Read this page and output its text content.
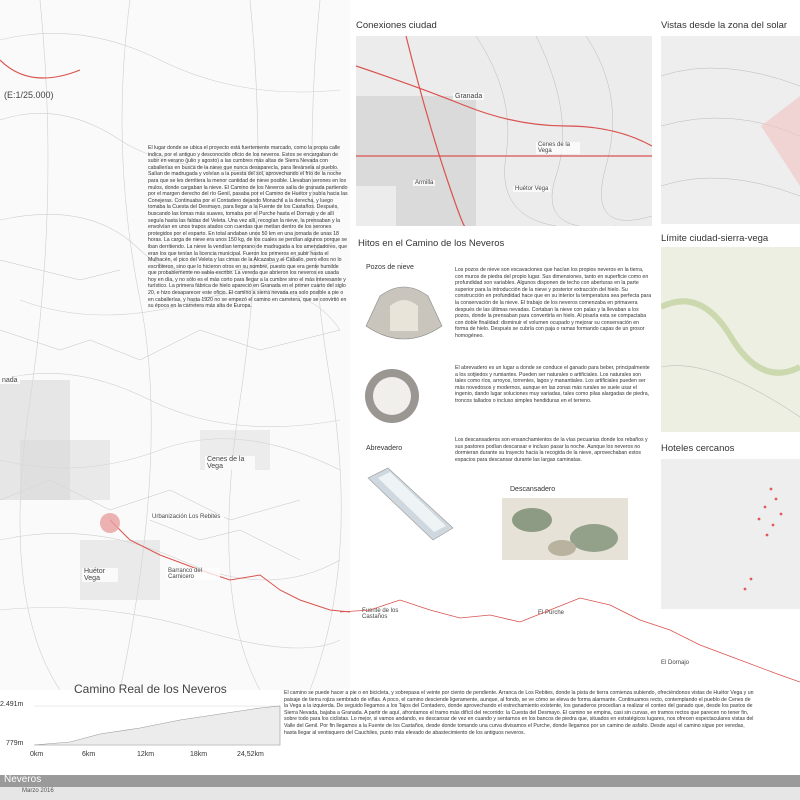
(E:1/25.000)
El lugar donde se ubica el proyecto está fuertemente marcado, como la propia calle indica, por el antiguo y desconocido oficio de los neveros. Estos se encargaban de subir en verano (julio y agosto) a las cumbres más altas de Sierra Nevada con caballerías en busca de la nieve que nunca desaparecía, para llevársela al pueblo. Salían de madrugada y volvían a la puesta del sol, aprovechando el frío de la noche para que se les derritiera la menor cantidad de nieve posible. Llevaban serones en los mulos, donde cargaban la nieve. El Camino de los Neveros salía de granada partiendo por el margen derecho del río Genil, pasaba por el Camino de Huétor y subía hacia las Conejeras. Continuaba por el Contadero dejando Monachil a la derecha, y luego tomaba la Cuesta del Desmayo, para llegar a la Fuente de los Castaños. Después, buscando las lomas más suaves, tomaba por el Purche hasta el Dornajo y de allí seguía hasta las faldas del Veleta. Una vez allí, recogían la nieve, la prensaban y la envolvían en unos trapos atados con cuerdas que metían dentro de los serones protegidos por el esparto. En total andaban unos 50 km en una jornada de unas 18 horas. La carga de nieve era unos 150 kg, de los cuales se perdían algunos porque se iban derritiendo. La nieve la vendían temprano de madrugada a los amendadores, que eran los que tenían la licencia municipal. Fueron los primeros en subir hasta el Mulhacén, el pico del Veleta y las cimas de la Alcazaba y el Caballo, pero ellos no lo escribieron, sino que lo hicieron otros en su nombre, puesto que era gente humilde que probablemente no sabía escribir. La vereda que abrieron los neveros es usada hoy en día, y no sólo es el más corto para llegar a la cumbre sino el más interesante y turístico. La primera fábrica de hielo apareció en Granada en el primer cuarto del siglo 20, e hizo desaparecer este oficio. El camino a sierra nevada era solo posible a pie o en caballerías, y hasta 1920 no se empezó el camino en carretera, que se convirtió en su época en la carretera más alta de Europa.
nada
Cenes de la Vega
Urbanización Los Rebites
Huétor Vega
Barranco del Carnicero
Fuente de los Castaños
El Purche
El Dornajo
Conexiones ciudad
Granada
Cenes de la Vega
Armilla
Huétor Vega
Hitos en el Camino de los Neveros
Pozos de nieve
Abrevadero
Descansadero
Los pozos de nieve son excavaciones que hacían los propios neveros en la tierra, con muros de piedra del propio lugar. Sus dimensiones, tanto en superficie como en profundidad son variables. Algunos disponen de techo con aberturas en la parte superior para la introducción de la nieve y posterior extracción del hielo. Su construcción en profundidad hace que en su interior la temperatura sea perfecta para la conservación de la nieve. El trabajo de los neveros comenzaba en primavera después de las últimas nevadas. Cortaban la nieve con palas y la llevaban a los pozos, donde la prensaban para convertirla en hielo. Al pisarla esta se compactaba con doble finalidad: disminuir el volumen ocupado y mejorar su conservación en forma de hielo. Después se cubría con paja o ramas formando capas de un grosor homogéneo.
El abrevadero es un lugar a donde se conduce el ganado para beber, principalmente a los sotjiedos y rumiantes. Pueden ser naturales o artificiales. Los naturales son tales como ríos, arroyos, torrentes, lagos y manantiales. Los artificiales pueden ser más novedosos y modernos, aunque en las zonas más rurales se suele usar el ingenio, dando lugar soluciones muy variadas, tales como pilas alargadas de piedra, troncos tallados o incluso simples hendiduras en el terreno.
Los descansaderos son ensanchamientos de la vías pecuarias donde los rebaños y sus pastores podían descansar e incluso pasar la noche. Aunque los neveros no dormieran durante su trayecto hacia la recogida de la nieve, aprovechaban estos espacios para descansar durante las largas caminatas.
Vistas desde la zona del solar
Límite ciudad-sierra-vega
Hoteles cercanos
Camino Real de los Neveros
2.491m
779m
0km	6km	12km	18km	24,52km
El camino se puede hacer a pie o en bicicleta, y sobrepasa el veinte por ciento de pendiente. Arranca de Los Rebites, donde la pista de tierra comienza subiendo, ofreciéndonos vistas de Huétor Vega y un paisaje de tierra rojiza sembrado de viñas. A poco, el camino desciende ligeramente, aunque, al fondo, se ve cómo se eleva de forma alarmante. Continuamos recto, contemplando el pueblo de Cenes de la Vega a la izquierda. De seguido llegamos a los Tajos del Contadero, donde aprovechando el estrechamiento existente, los ganaderos procedían a realizar el conteo del ganado que, desde los pastos de Sierra Nevada, bajaba a Granada. A partir de aquí, afrontamos el tramo más difícil del recorrido: la Cuesta del Desmayo. El camino se empina, casi sin curvas, en tramos rectos que parecen no tener fin, sobre todo para los ciclistas. Lo mejor, si vamos andando, es descansar de vez en cuando y sentarnos en los bancos de piedra que, situados en estratégicos lugares, nos ofrecen espectaculares vistas del Valle del Genil. Por fin llegamos a la Fuente de los Castaños, desde donde tomando una curva divisamos el Purche, donde llegamos por un camino de asfalto. Desde aquí el camino sigue por veredas, hasta llegar al ventisquero del Cauchiles, punto más elevado de abastecimiento de los antiguos neveros.
Neveros
Marzo 2016
